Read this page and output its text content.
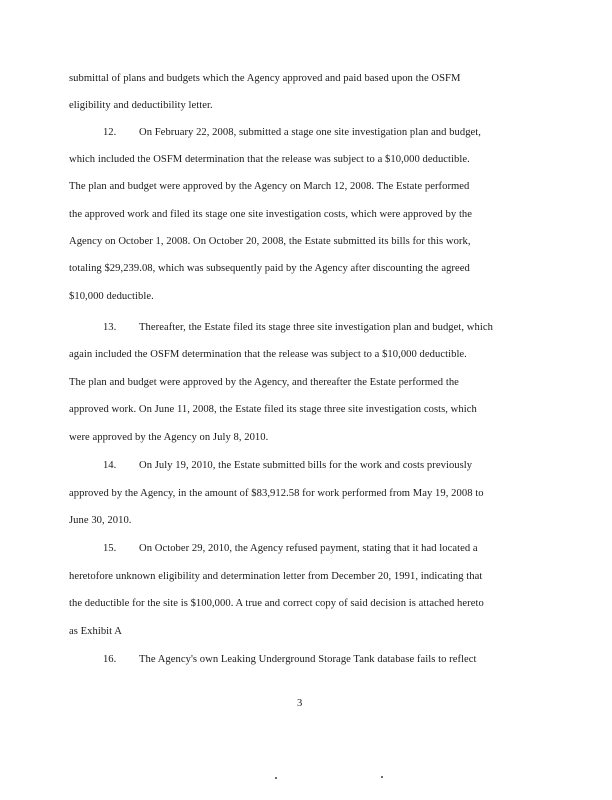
submittal of plans and budgets which the Agency approved and paid based upon the OSFM
eligibility and deductibility letter.
12. On February 22, 2008, submitted a stage one site investigation plan and budget,
which included the OSFM determination that the release was subject to a $10,000 deductible.
The plan and budget were approved by the Agency on March 12, 2008. The Estate performed
the approved work and filed its stage one site investigation costs, which were approved by the
Agency on October 1, 2008. On October 20, 2008, the Estate submitted its bills for this work,
totaling $29,239.08, which was subsequently paid by the Agency after discounting the agreed
$10,000 deductible.
13. Thereafter, the Estate filed its stage three site investigation plan and budget, which
again included the OSFM determination that the release was subject to a $10,000 deductible.
The plan and budget were approved by the Agency, and thereafter the Estate performed the
approved work. On June 11, 2008, the Estate filed its stage three site investigation costs, which
were approved by the Agency on July 8, 2010.
14. On July 19, 2010, the Estate submitted bills for the work and costs previously
approved by the Agency, in the amount of $83,912.58 for work performed from May 19, 2008 to
June 30, 2010.
15. On October 29, 2010, the Agency refused payment, stating that it had located a
heretofore unknown eligibility and determination letter from December 20, 1991, indicating that
the deductible for the site is $100,000. A true and correct copy of said decision is attached hereto
as Exhibit A
16. The Agency's own Leaking Underground Storage Tank database fails to reflect
3
